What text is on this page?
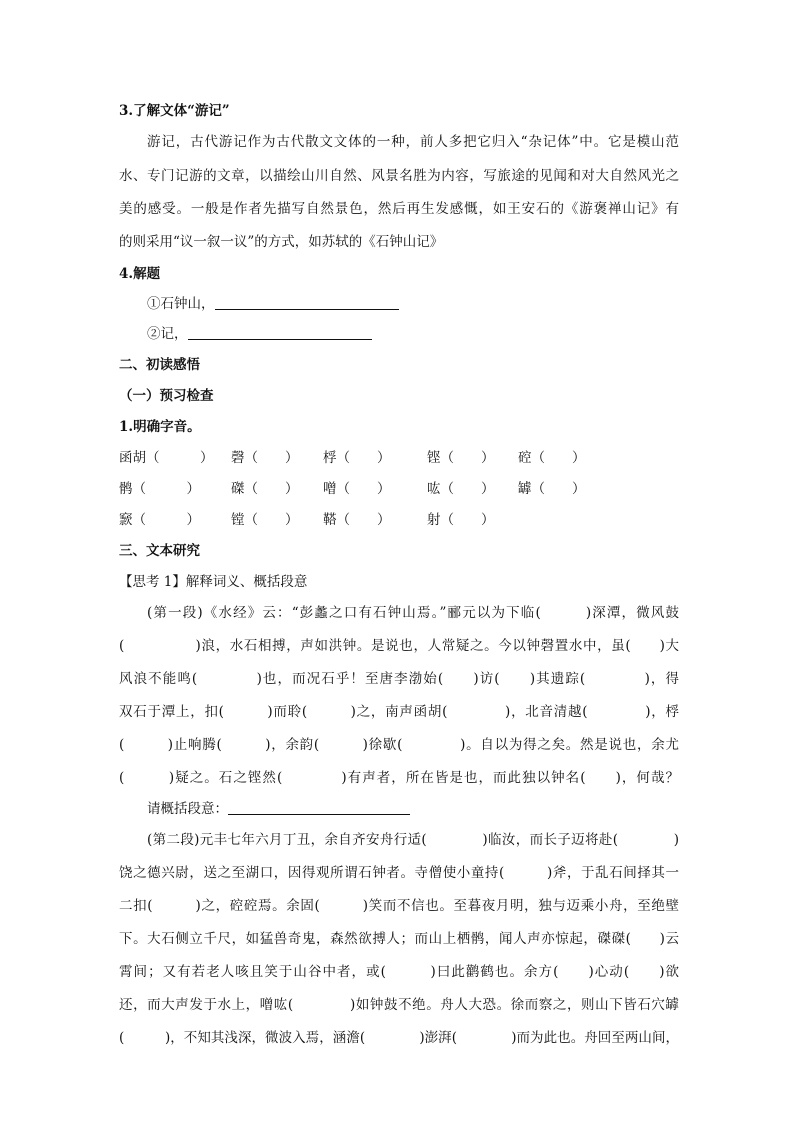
3.了解文体“游记”
游记，古代游记作为古代散文文体的一种，前人多把它归入“杂记体”中。它是模山范
水、专门记游的文章，以描绘山川自然、风景名胜为内容，写旅途的见闻和对大自然风光之
美的感受。一般是作者先描写自然景色，然后再生发感慨，如王安石的《游褒禅山记》有
的则采用“议一叙一议”的方式，如苏轼的《石钟山记》
4.解题
①石钟山，
②记，
二、初读感悟
（一）预习检查
1.明确字音。
函胡（　　　） 磬（　　） 桴（　　）	铿（　　） 硿（　　）
鹘（　　　） 磔（　　） 噌（　　）	吰（　　） 罅（　　）
窾（　　　） 镗（　　） 鞳（　　）	射（　　）
三、文本研究
【思考 1】解释词义、概括段意
(第一段)《水经》云：“彭蠡之口有石钟山焉。”郦元以为下临(　　　)深潭，微风鼓
(　　　　　)浪，水石相搏，声如洪钟。是说也，人常疑之。今以钟磬置水中，虽(　　)大
风浪不能鸣(　　　　)也，而况石乎！至唐李渤始(　　)访(　　)其遗踪(　　　　)，得
双石于潭上，扣(　　　)而聆(　　　)之，南声函胡(　　　　)，北音清越(　　　　)，桴
(　　　)止响腾(　　　)，余韵(　　　)徐歇(　　　　)。自以为得之矣。然是说也，余尤
(　　　)疑之。石之铿然(　　　　)有声者，所在皆是也，而此独以钟名(　　)，何哉？
请概括段意：
(第二段)元丰七年六月丁丑，余自齐安舟行适(　　　　)临汝，而长子迈将赴(　　　　)
饶之德兴尉，送之至湖口，因得观所谓石钟者。寺僧使小童持(　　　)斧，于乱石间择其一
二扣(　　　)之，硿硿焉。余固(　　　)笑而不信也。至暮夜月明，独与迈乘小舟，至绝壁
下。大石侧立千尺，如猛兽奇鬼，森然欲搏人；而山上栖鹘，闻人声亦惊起，磔磔(　　)云
霄间；又有若老人咳且笑于山谷中者，或(　　　)曰此鹳鹤也。余方(　　)心动(　　)欲
还，而大声发于水上，噌吰(　　　　)如钟鼓不绝。舟人大恐。徐而察之，则山下皆石穴罅
(　　　)，不知其浅深，微波入焉，涵澹(　　　　)澎湃(　　　　)而为此也。舟回至两山间，
